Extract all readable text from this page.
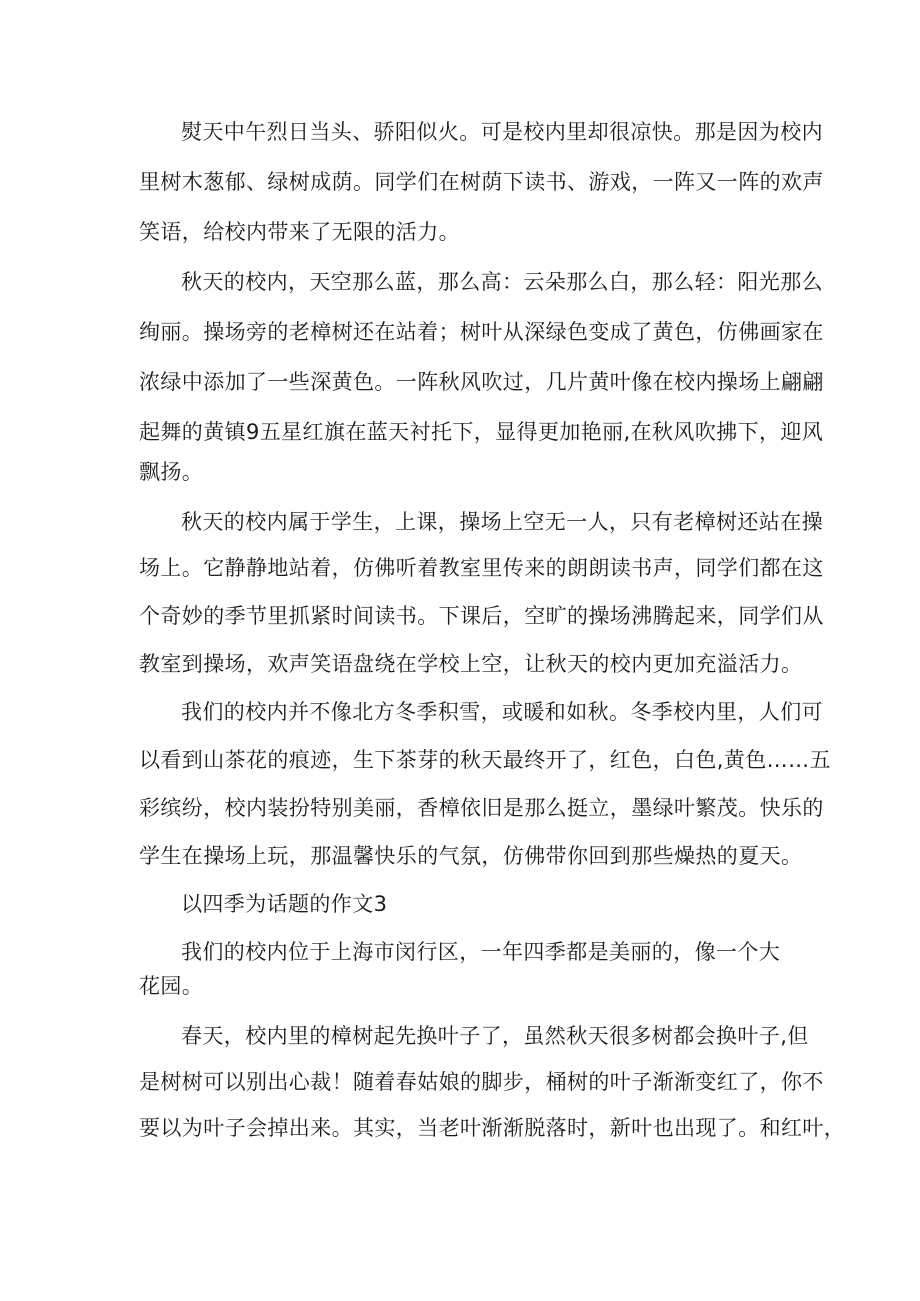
熨天中午烈日当头、骄阳似火。可是校内里却很凉快。那是因为校内
里树木葱郁、绿树成荫。同学们在树荫下读书、游戏，一阵又一阵的欢声
笑语，给校内带来了无限的活力。
秋天的校内，天空那么蓝，那么高：云朵那么白，那么轻：阳光那么
绚丽。操场旁的老樟树还在站着；树叶从深绿色变成了黄色，仿佛画家在
浓绿中添加了一些深黄色。一阵秋风吹过，几片黄叶像在校内操场上翩翩
起舞的黄镇9五星红旗在蓝天衬托下，显得更加艳丽,在秋风吹拂下，迎风
飘扬。
秋天的校内属于学生，上课，操场上空无一人，只有老樟树还站在操
场上。它静静地站着，仿佛听着教室里传来的朗朗读书声，同学们都在这
个奇妙的季节里抓紧时间读书。下课后，空旷的操场沸腾起来，同学们从
教室到操场，欢声笑语盘绕在学校上空，让秋天的校内更加充溢活力。
我们的校内并不像北方冬季积雪，或暖和如秋。冬季校内里，人们可
以看到山茶花的痕迹，生下茶芽的秋天最终开了，红色，白色,黄色……五
彩缤纷，校内装扮特别美丽，香樟依旧是那么挺立，墨绿叶繁茂。快乐的
学生在操场上玩，那温馨快乐的气氛，仿佛带你回到那些燥热的夏天。
以四季为话题的作文3
我们的校内位于上海市闵行区，一年四季都是美丽的，像一个大
花园。
春天，校内里的樟树起先换叶子了，虽然秋天很多树都会换叶子,但
是树树可以别出心裁！随着春姑娘的脚步，桶树的叶子渐渐变红了，你不
要以为叶子会掉出来。其实，当老叶渐渐脱落时，新叶也出现了。和红叶，
